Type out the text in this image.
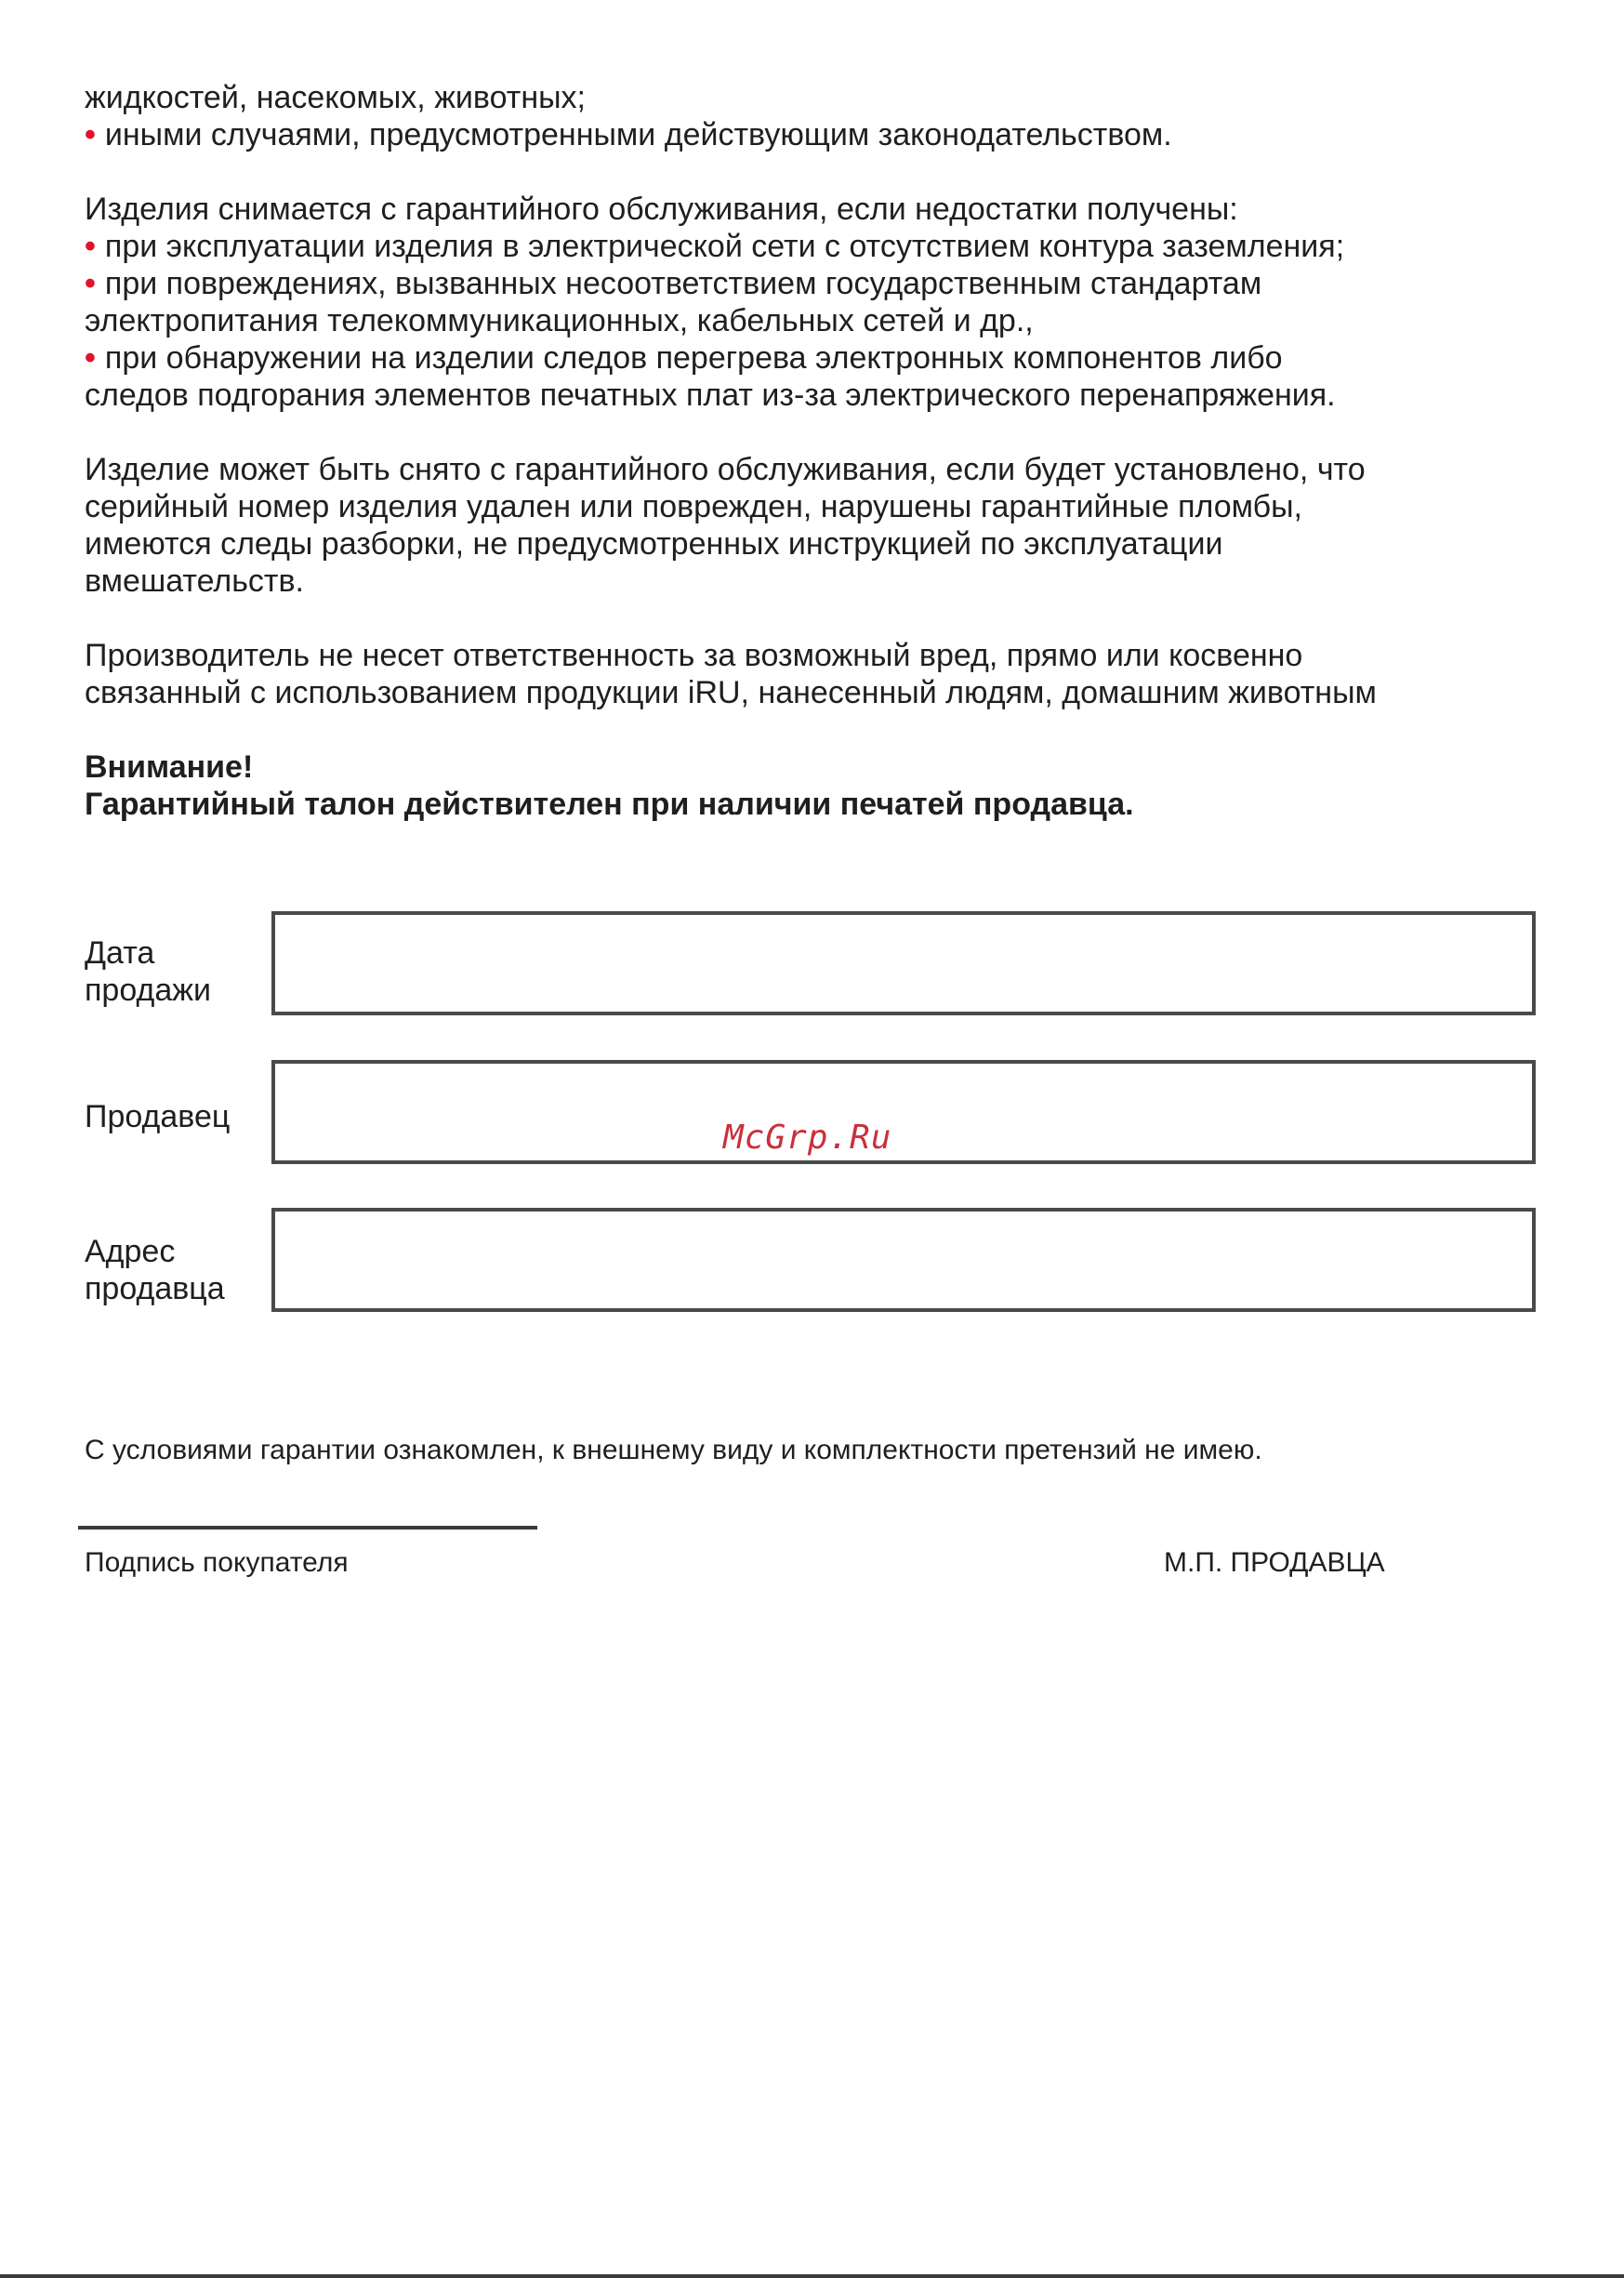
жидкостей, насекомых, животных;
• иными случаями, предусмотренными действующим законодательством.
Изделия снимается с гарантийного обслуживания, если недостатки получены:
• при эксплуатации изделия в электрической сети с отсутствием контура заземления;
• при повреждениях, вызванных несоответствием государственным стандартам
электропитания телекоммуникационных, кабельных сетей и др.,
• при обнаружении на изделии следов перегрева электронных компонентов либо
следов подгорания элементов печатных плат из-за электрического перенапряжения.
Изделие может быть снято с гарантийного обслуживания, если будет установлено, что
серийный номер изделия удален или поврежден, нарушены гарантийные пломбы,
имеются следы разборки, не предусмотренных инструкцией по эксплуатации
вмешательств.
Производитель не несет ответственность за возможный вред, прямо или косвенно
связанный с использованием продукции iRU, нанесенный людям, домашним животным
Внимание!
Гарантийный талон действителен при наличии печатей продавца.
Дата
продажи
Продавец
Адрес
продавца
McGrp.Ru
С условиями гарантии ознакомлен, к внешнему виду и комплектности претензий не имею.
Подпись покупателя	М.П. ПРОДАВЦА
